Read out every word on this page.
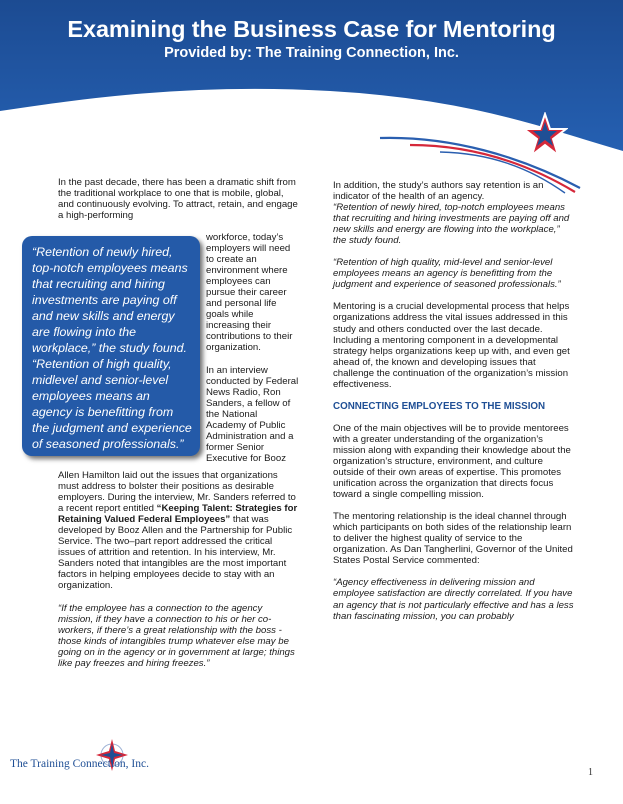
Examining the Business Case for Mentoring
Provided by: The Training Connection, Inc.

In the past decade, there has been a dramatic shift from the traditional workplace to one that is mobile, global, and continuously evolving. To attract, retain, and engage a high-performing

workforce, today’s employers will need to create an environment where employees can pursue their career and personal life goals while increasing their contributions to their organization.

In an interview conducted by Federal News Radio, Ron Sanders, a fellow of the National Academy of Public Administration and a former Senior Executive for Booz

“Retention of newly hired, top-notch employees means that recruiting and hiring investments are paying off and new skills and energy are flowing into the workplace,” the study found. “Retention of high quality, midlevel and senior-level employees means an agency is benefitting from the judgment and experience of seasoned professionals.”

Allen Hamilton laid out the issues that organizations must address to bolster their positions as desirable employers. During the interview, Mr. Sanders referred to a recent report entitled “Keeping Talent: Strategies for Retaining Valued Federal Employees” that was developed by Booz Allen and the Partnership for Public Service. The two–part report addressed the critical issues of attrition and retention. In his interview, Mr. Sanders noted that intangibles are the most important factors in helping employees decide to stay with an organization.

“If the employee has a connection to the agency mission, if they have a connection to his or her co-workers, if there’s a great relationship with the boss - those kinds of intangibles trump whatever else may be going on in the agency or in government at large; things like pay freezes and hiring freezes.”

In addition, the study’s authors say retention is an indicator of the health of an agency.

“Retention of newly hired, top-notch employees means that recruiting and hiring investments are paying off and new skills and energy are flowing into the workplace,” the study found.

“Retention of high quality, mid-level and senior-level employees means an agency is benefitting from the judgment and experience of seasoned professionals.”

Mentoring is a crucial developmental process that helps organizations address the vital issues addressed in this study and others conducted over the last decade. Including a mentoring component in a developmental strategy helps organizations keep up with, and even get ahead of, the known and developing issues that challenge the continuation of the organization’s mission effectiveness.

CONNECTING EMPLOYEES TO THE MISSION

One of the main objectives will be to provide mentorees with a greater understanding of the organization’s mission along with expanding their knowledge about the organization’s structure, environment, and culture outside of their own areas of expertise. This promotes unification across the organization that directs focus toward a single compelling mission.

The mentoring relationship is the ideal channel through which participants on both sides of the relationship learn to deliver the highest quality of service to the organization. As Dan Tangherlini, Governor of the United States Postal Service commented:

“Agency effectiveness in delivering mission and employee satisfaction are directly correlated. If you have an agency that is not particularly effective and has a less than fascinating mission, you can probably

The Training Connection, Inc.
1
